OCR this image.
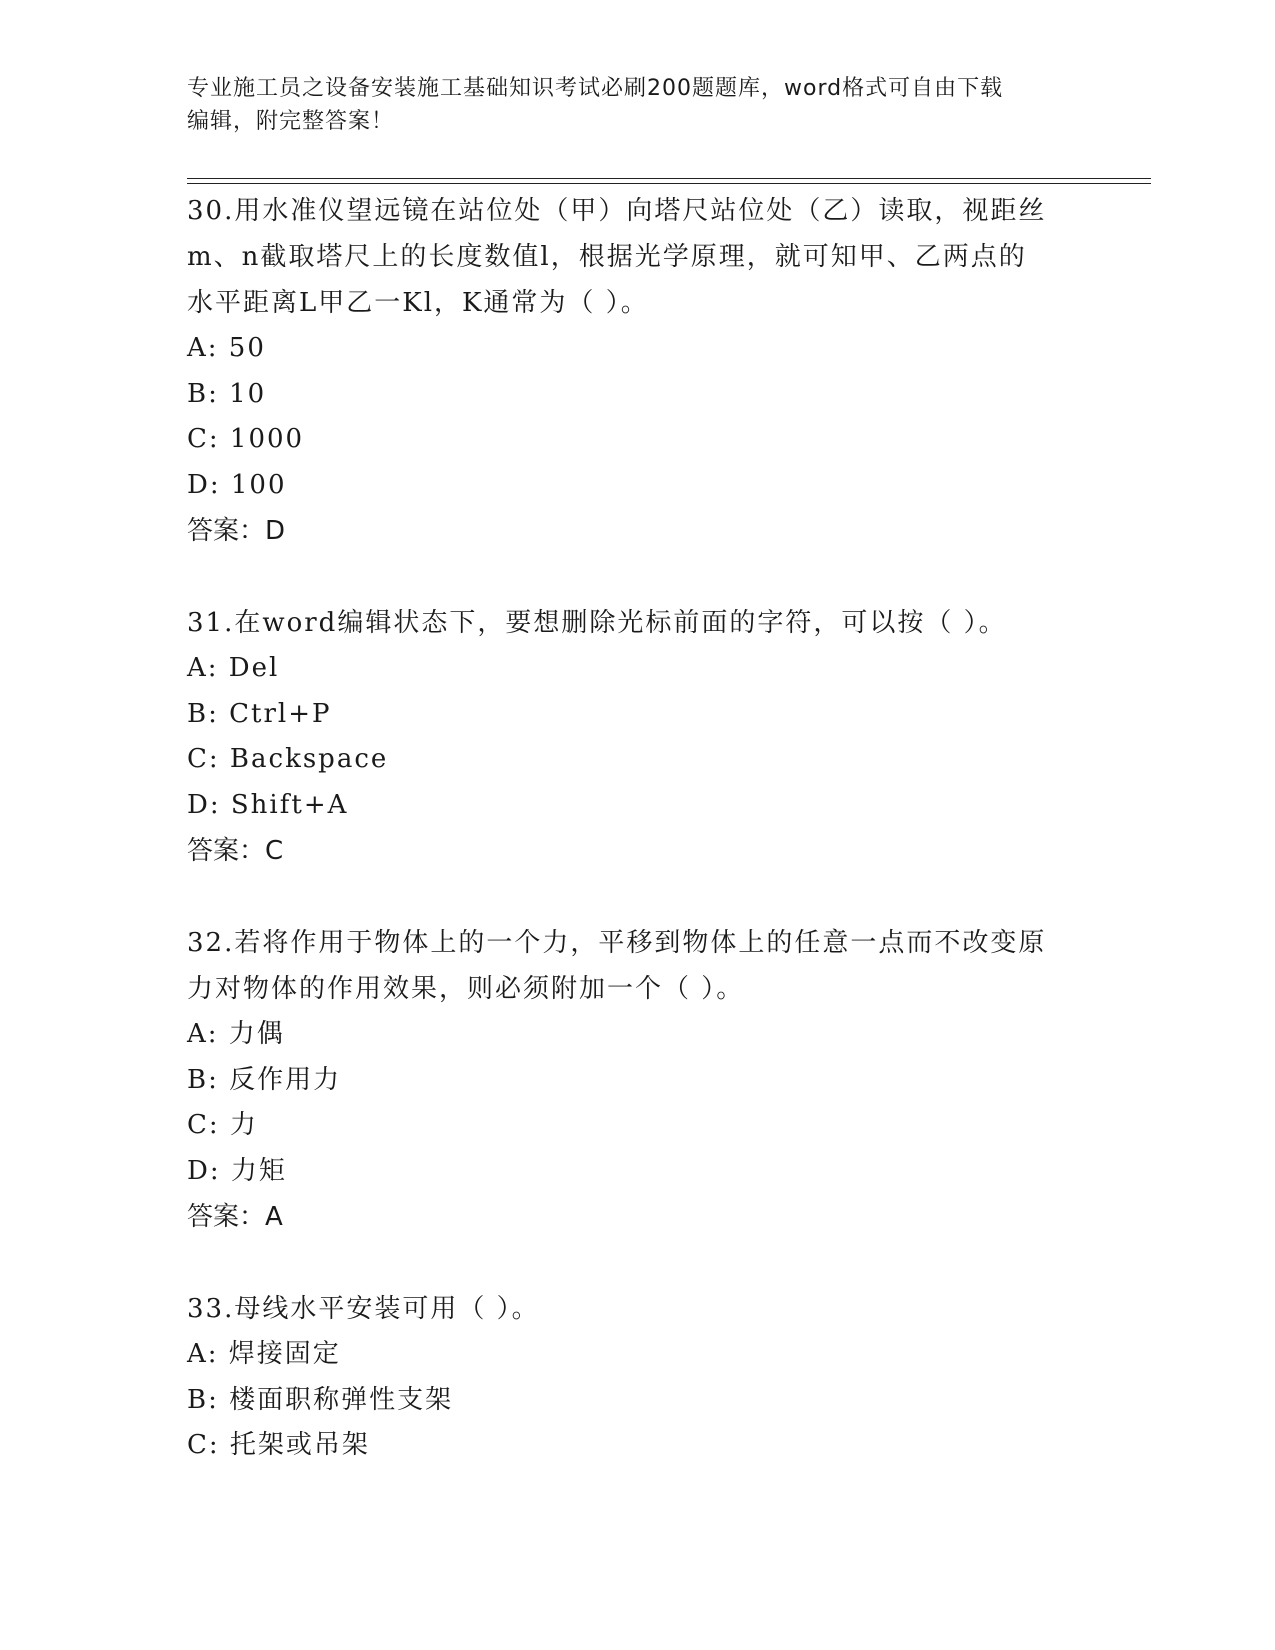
专业施工员之设备安装施工基础知识考试必刷200题题库，word格式可自由下载
编辑，附完整答案！

30.用水准仪望远镜在站位处（甲）向塔尺站位处（乙）读取，视距丝

m、n截取塔尺上的长度数值l，根据光学原理，就可知甲、乙两点的

水平距离L甲乙一Kl，K通常为（ ）。

A: 50

B: 10

C: 1000

D: 100

答案：D

31.在word编辑状态下，要想删除光标前面的字符，可以按（ ）。

A: Del

B: Ctrl+P

C: Backspace

D: Shift+A

答案：C

32.若将作用于物体上的一个力，平移到物体上的任意一点而不改变原

力对物体的作用效果，则必须附加一个（ ）。

A: 力偶

B: 反作用力

C: 力

D: 力矩

答案：A

33.母线水平安装可用（ ）。

A: 焊接固定

B: 楼面职称弹性支架

C: 托架或吊架
